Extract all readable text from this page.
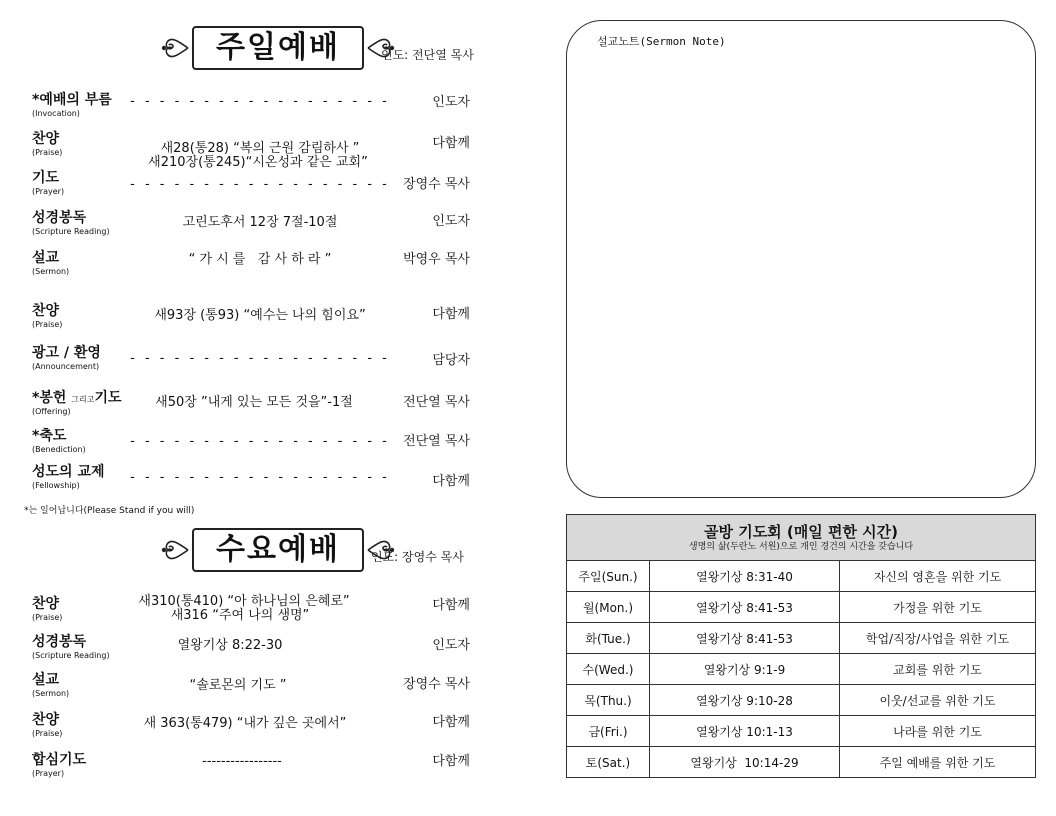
주일예배	인도: 전단열 목사
*예배의 부름
(Invocation)
- - - - - - - - - - - - - - - - - -	인도자
찬양
(Praise)	새28(통28) “복의 근원 감림하사 ”
새210장(통245)“시온성과 같은 교회”
다함께
기도
(Prayer)	- - - - - - - - - - - - - - - - - - 장영수 목사
성경봉독
(Scripture Reading)
고린도후서 12장 7절-10절	인도자
설교
(Sermon)
“ 가 시 를   감 사 하 라 ”	박영우 목사
찬양
(Praise)
새93장 (통93) “예수는 나의 힘이요”	다함께
광고 / 환영
(Announcement)
- - - - - - - - - - - - - - - - - -	담당자
*봉헌 그리고기도
(Offering)
새50장 ”내게 있는 모든 것을”-1절	전단열 목사
*축도
(Benediction)
- - - - - - - - - - - - - - - - - - 전단열 목사
성도의 교제
(Fellowship)
- - - - - - - - - - - - - - - - - -	다함께
*는 일어납니다(Please Stand if you will)
수요예배	인도: 장영수 목사
찬양
(Praise)
새310(통410) “아 하나님의 은혜로”
새316 “주여 나의 생명”
다함께
성경봉독
(Scripture Reading)
열왕기상 8:22-30	인도자
설교
(Sermon)
“솔로몬의 기도 ”	장영수 목사
찬양
(Praise)
새 363(통479) “내가 깊은 곳에서”	다함께
합심기도
(Prayer)
-----------------	다함께
설교노트(Sermon Note)
골방 기도회 (매일 편한 시간)
생명의 삶(두란노 서원)으로 개인 경건의 시간을 갖습니다		

주일(Sun.)	열왕기상 8:31-40	자신의 영혼을 위한 기도
월(Mon.)	열왕기상 8:41-53	가정을 위한 기도
화(Tue.)	열왕기상 8:41-53	학업/직장/사업을 위한 기도
수(Wed.)	열왕기상 9:1-9	교회를 위한 기도
목(Thu.)	열왕기상 9:10-28	이웃/선교를 위한 기도
금(Fri.)	열왕기상 10:1-13	나라를 위한 기도
토(Sat.)	열왕기상  10:14-29	주일 예배를 위한 기도
